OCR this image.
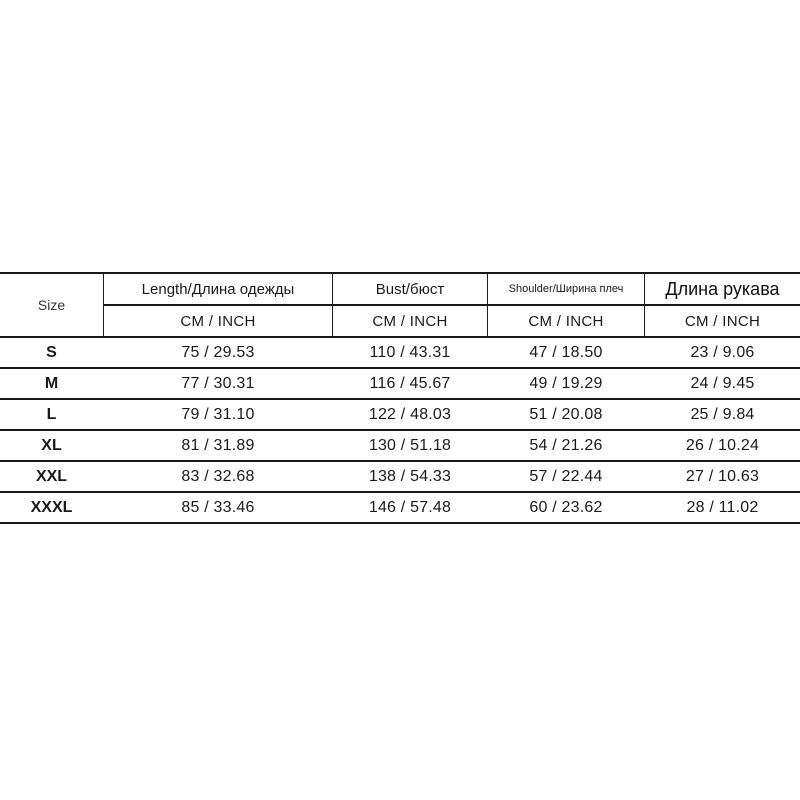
Size
Length/Длина одежды	Bust/бюст	Shoulder/Ширина плеч	Длина рукава
CM / INCH	CM / INCH	CM / INCH	CM / INCH
S	75 / 29.53	110 / 43.31	47 / 18.50	23 / 9.06
M	77 / 30.31	116 / 45.67	49 / 19.29	24 / 9.45
L	79 / 31.10	122 / 48.03	51 / 20.08	25 / 9.84
XL	81 / 31.89	130 / 51.18	54 / 21.26	26 / 10.24
XXL	83 / 32.68	138 / 54.33	57 / 22.44	27 / 10.63
XXXL	85 / 33.46	146 / 57.48	60 / 23.62	28 / 11.02
